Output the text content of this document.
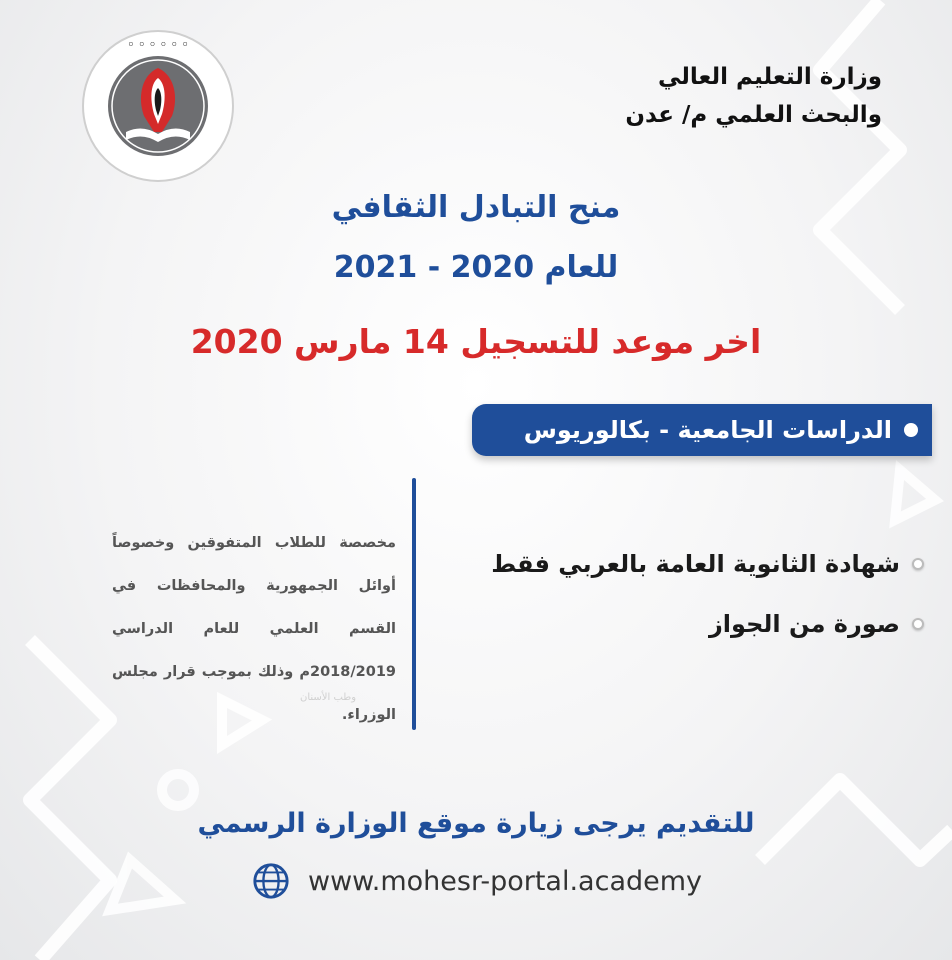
◦ ◦ ◦ ◦ ◦ ◦
وزارة التعليم العالي
والبحث العلمي م/ عدن
منح التبادل الثقافي
للعام 2020 - 2021
اخر موعد للتسجيل 14 مارس 2020
الدراسات الجامعية - بكالوريوس
شهادة الثانوية العامة بالعربي فقط
صورة من الجواز
مخصصة للطلاب المتفوقين وخصوصاً أوائل الجمهورية والمحافظات في القسم العلمي للعام الدراسي 2018/2019م وذلك بموجب قرار مجلس الوزراء.
وطب الأسنان
للتقديم يرجى زيارة موقع الوزارة الرسمي
www.mohesr-portal.academy
